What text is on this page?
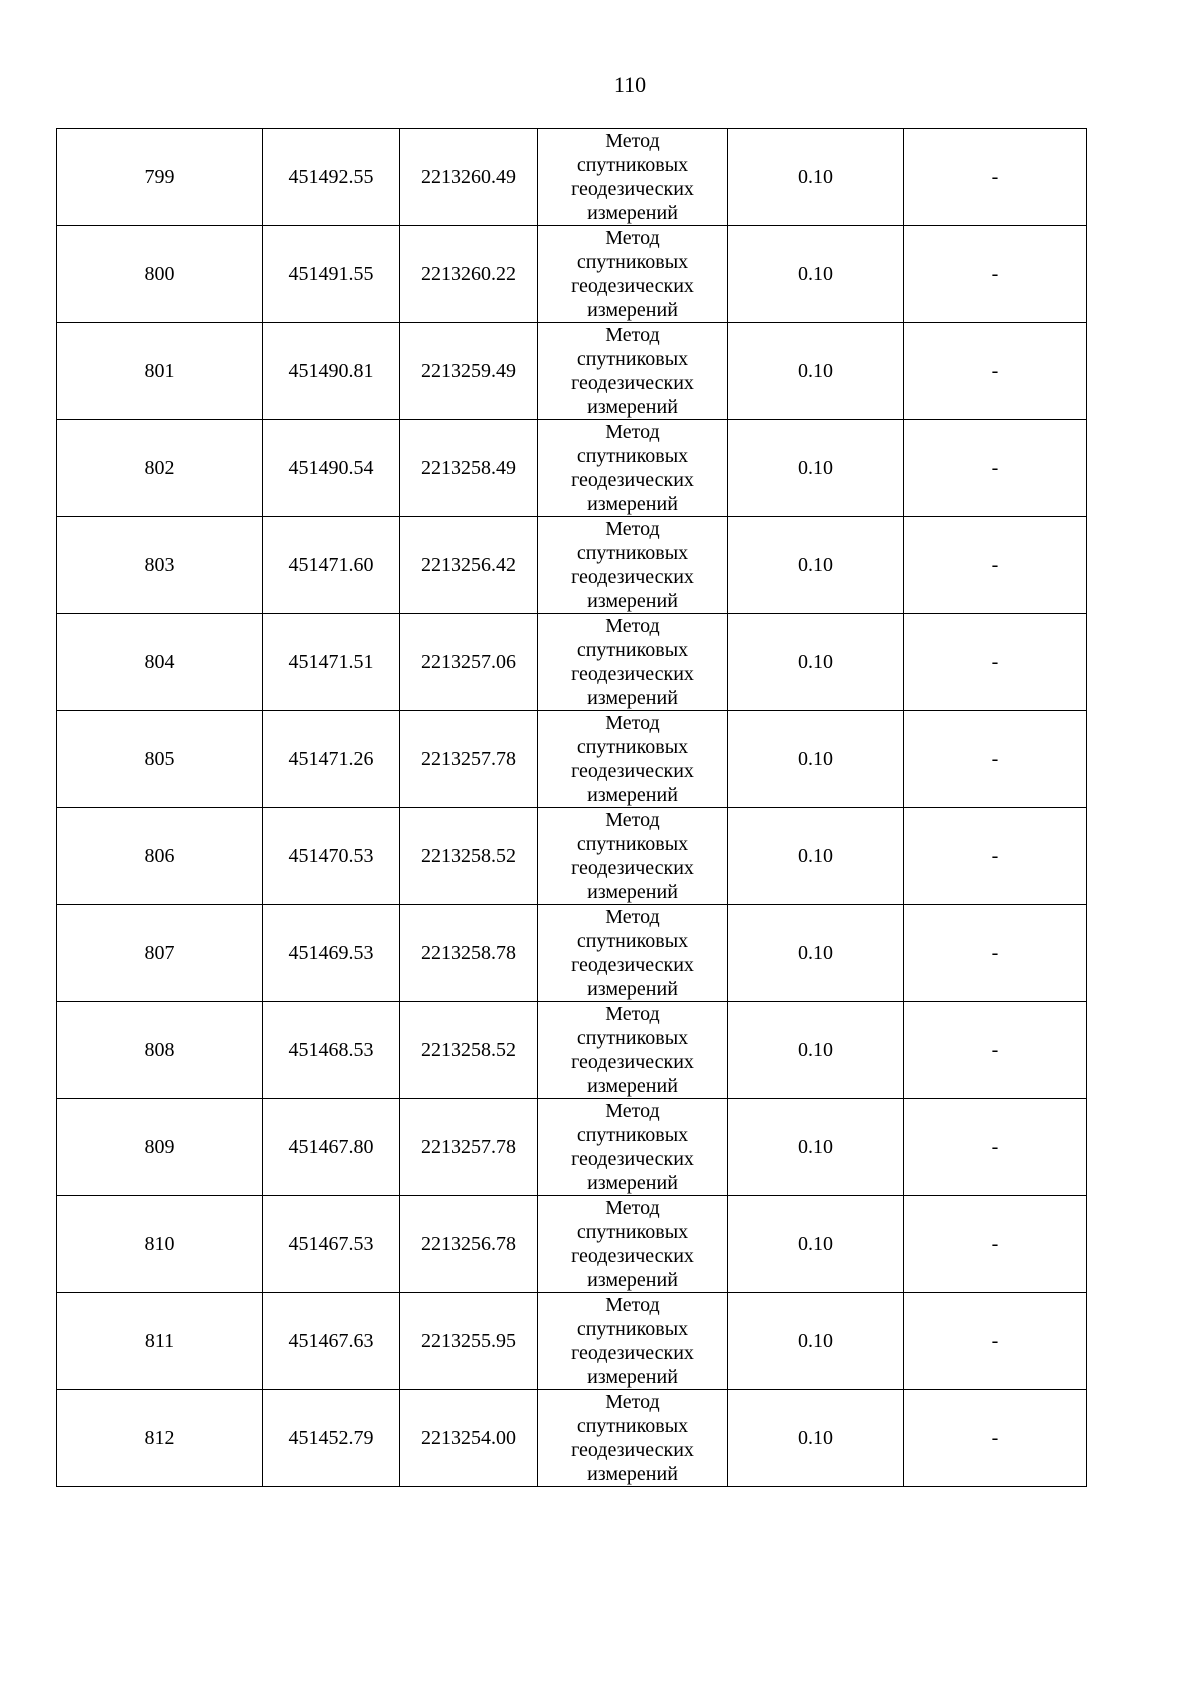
110
799	451492.55	2213260.49	Метод
спутниковых
геодезических
измерений	0.10	-
800	451491.55	2213260.22	Метод
спутниковых
геодезических
измерений	0.10	-
801	451490.81	2213259.49	Метод
спутниковых
геодезических
измерений	0.10	-
802	451490.54	2213258.49	Метод
спутниковых
геодезических
измерений	0.10	-
803	451471.60	2213256.42	Метод
спутниковых
геодезических
измерений	0.10	-
804	451471.51	2213257.06	Метод
спутниковых
геодезических
измерений	0.10	-
805	451471.26	2213257.78	Метод
спутниковых
геодезических
измерений	0.10	-
806	451470.53	2213258.52	Метод
спутниковых
геодезических
измерений	0.10	-
807	451469.53	2213258.78	Метод
спутниковых
геодезических
измерений	0.10	-
808	451468.53	2213258.52	Метод
спутниковых
геодезических
измерений	0.10	-
809	451467.80	2213257.78	Метод
спутниковых
геодезических
измерений	0.10	-
810	451467.53	2213256.78	Метод
спутниковых
геодезических
измерений	0.10	-
811	451467.63	2213255.95	Метод
спутниковых
геодезических
измерений	0.10	-
812	451452.79	2213254.00	Метод
спутниковых
геодезических
измерений	0.10	-
